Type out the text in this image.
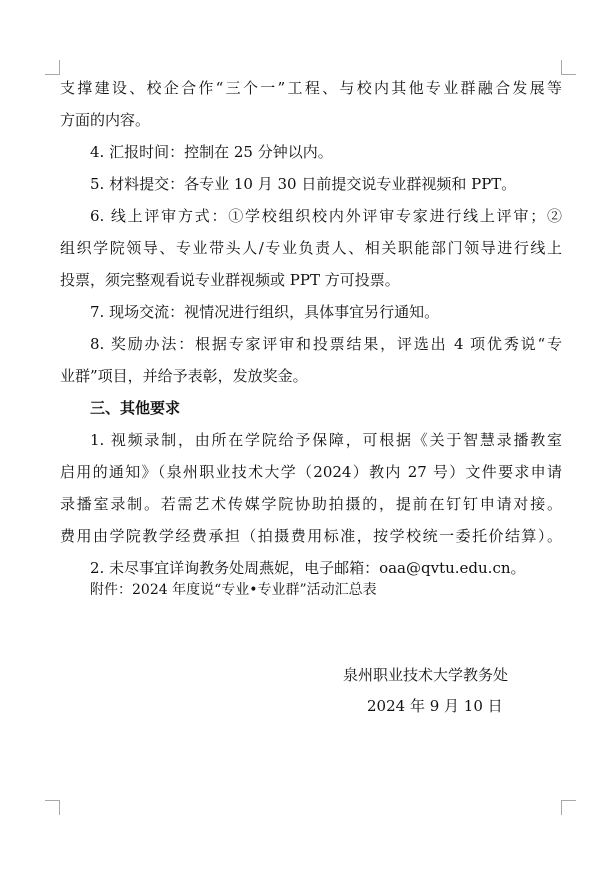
支撑建设、校企合作“三个一”工程、与校内其他专业群融合发展等
方面的内容。
4. 汇报时间：控制在 25 分钟以内。
5. 材料提交：各专业 10 月 30 日前提交说专业群视频和 PPT。
6. 线上评审方式：①学校组织校内外评审专家进行线上评审；②
组织学院领导、专业带头人/专业负责人、相关职能部门领导进行线上
投票，须完整观看说专业群视频或 PPT 方可投票。
7. 现场交流：视情况进行组织，具体事宜另行通知。
8. 奖励办法：根据专家评审和投票结果，评选出 4 项优秀说“专
业群”项目，并给予表彰，发放奖金。
三、其他要求
1. 视频录制，由所在学院给予保障，可根据《关于智慧录播教室
启用的通知》（泉州职业技术大学（2024）教内 27 号）文件要求申请
录播室录制。若需艺术传媒学院协助拍摄的，提前在钉钉申请对接。
费用由学院教学经费承担（拍摄费用标准，按学校统一委托价结算）。
2. 未尽事宜详询教务处周燕妮，电子邮箱：oaa@qvtu.edu.cn。
附件：2024 年度说“专业•专业群”活动汇总表
泉州职业技术大学教务处
2024 年 9 月 10 日
